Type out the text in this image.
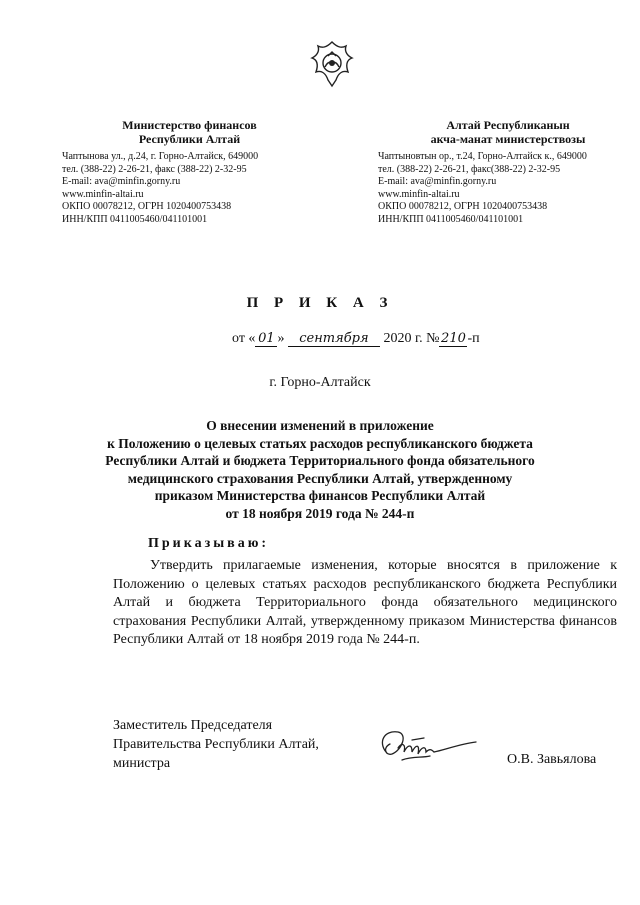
Министерство финансов
Республики Алтай
Чаптынова ул., д.24, г. Горно-Алтайск, 649000
тел. (388-22) 2-26-21, факс (388-22) 2-32-95
E-mail: ava@minfin.gorny.ru
www.minfin-altai.ru
ОКПО 00078212, ОГРН 1020400753438
ИНН/КПП 0411005460/041101001
Алтай Республиканын
акча-манат министерствозы
Чаптыновтын ор., т.24, Горно-Алтайск к., 649000
тел. (388-22) 2-26-21, факс(388-22) 2-32-95
E-mail: ava@minfin.gorny.ru
www.minfin-altai.ru
ОКПО 00078212, ОГРН 1020400753438
ИНН/КПП 0411005460/041101001
П Р И К А З
от « 01 » сентября 2020 г. № 210 -п
г. Горно-Алтайск
О внесении изменений в приложение
к Положению о целевых статьях расходов республиканского бюджета
Республики Алтай и бюджета Территориального фонда обязательного
медицинского страхования Республики Алтай, утвержденному
приказом Министерства финансов Республики Алтай
от 18 ноября 2019 года № 244-п
Приказываю:
Утвердить прилагаемые изменения, которые вносятся в приложение к Положению о целевых статьях расходов республиканского бюджета Республики Алтай и бюджета Территориального фонда обязательного медицинского страхования Республики Алтай, утвержденному приказом Министерства финансов Республики Алтай от 18 ноября 2019 года № 244-п.
Заместитель Председателя
Правительства Республики Алтай,
министра	О.В. Завьялова
